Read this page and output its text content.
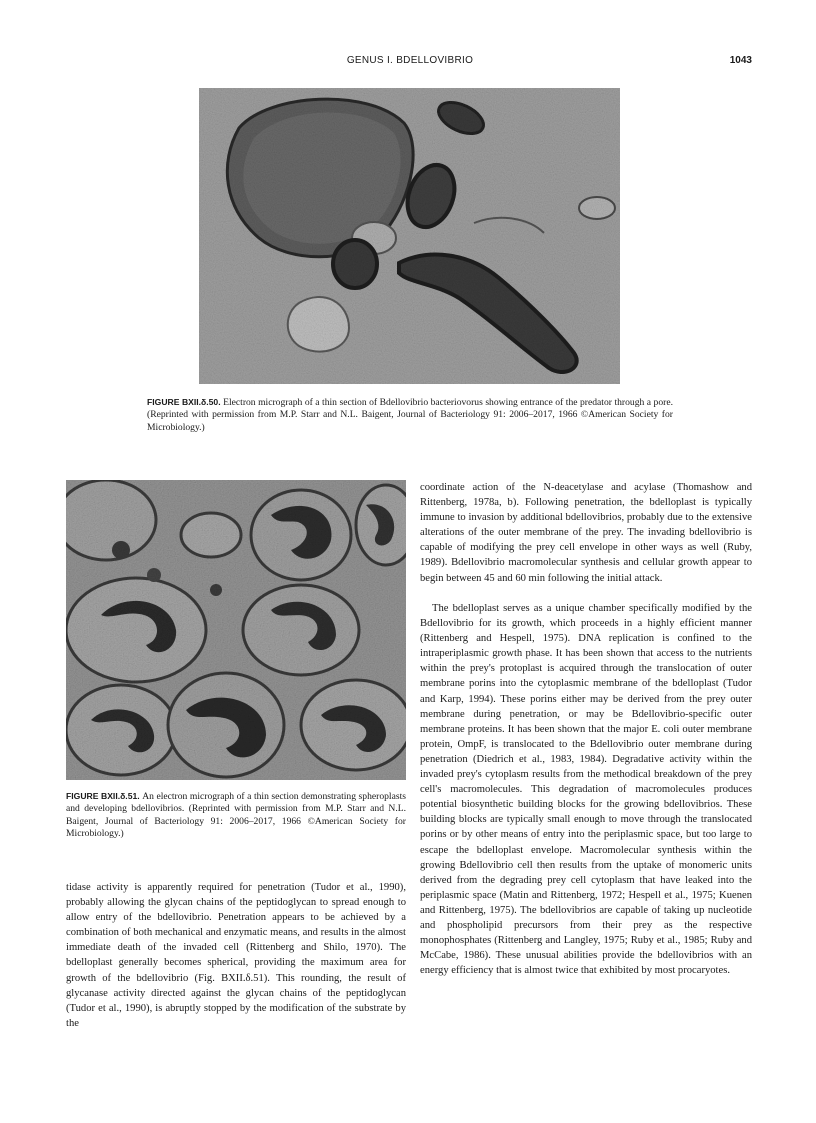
GENUS I. BDELLOVIBRIO	1043
FIGURE BXII.δ.50. Electron micrograph of a thin section of Bdellovibrio bacteriovorus showing entrance of the predator through a pore. (Reprinted with permission from M.P. Starr and N.L. Baigent, Journal of Bacteriology 91: 2006–2017, 1966 ©American Society for Microbiology.)
FIGURE BXII.δ.51. An electron micrograph of a thin section demonstrating spheroplasts and developing bdellovibrios. (Reprinted with permission from M.P. Starr and N.L. Baigent, Journal of Bacteriology 91: 2006–2017, 1966 ©American Society for Microbiology.)

tidase activity is apparently required for penetration (Tudor et al., 1990), probably allowing the glycan chains of the peptidoglycan to spread enough to allow entry of the bdellovibrio. Penetration appears to be achieved by a combination of both mechanical and enzymatic means, and results in the almost immediate death of the invaded cell (Rittenberg and Shilo, 1970). The bdelloplast generally becomes spherical, providing the maximum area for growth of the bdellovibrio (Fig. BXII.δ.51). This rounding, the result of glycanase activity directed against the glycan chains of the peptidoglycan (Tudor et al., 1990), is abruptly stopped by the modification of the substrate by the

coordinate action of the N-deacetylase and acylase (Thomashow and Rittenberg, 1978a, b). Following penetration, the bdelloplast is typically immune to invasion by additional bdellovibrios, probably due to the extensive alterations of the outer membrane of the prey. The invading bdellovibrio is capable of modifying the prey cell envelope in other ways as well (Ruby, 1989). Bdellovibrio macromolecular synthesis and cellular growth appear to begin between 45 and 60 min following the initial attack.

The bdelloplast serves as a unique chamber specifically modified by the Bdellovibrio for its growth, which proceeds in a highly efficient manner (Rittenberg and Hespell, 1975). DNA replication is confined to the intraperiplasmic growth phase. It has been shown that access to the nutrients within the prey's protoplast is acquired through the translocation of outer membrane porins into the cytoplasmic membrane of the bdelloplast (Tudor and Karp, 1994). These porins either may be derived from the prey outer membrane during penetration, or may be Bdellovibrio-specific outer membrane proteins. It has been shown that the major E. coli outer membrane protein, OmpF, is translocated to the Bdellovibrio outer membrane during penetration (Diedrich et al., 1983, 1984). Degradative activity within the invaded prey's cytoplasm results from the methodical breakdown of the prey cell's macromolecules. This degradation of macromolecules produces potential biosynthetic building blocks for the growing bdellovibrios. These building blocks are typically small enough to move through the translocated porins or by other means of entry into the periplasmic space, but too large to escape the bdelloplast envelope. Macromolecular synthesis within the growing Bdellovibrio cell then results from the uptake of monomeric units derived from the degrading prey cell cytoplasm that have leaked into the periplasmic space (Matin and Rittenberg, 1972; Hespell et al., 1975; Kuenen and Rittenberg, 1975). The bdellovibrios are capable of taking up nucleotide and phospholipid precursors from their prey as the respective monophosphates (Rittenberg and Langley, 1975; Ruby et al., 1985; Ruby and McCabe, 1986). These unusual abilities provide the bdellovibrios with an energy efficiency that is almost twice that exhibited by most procaryotes.
